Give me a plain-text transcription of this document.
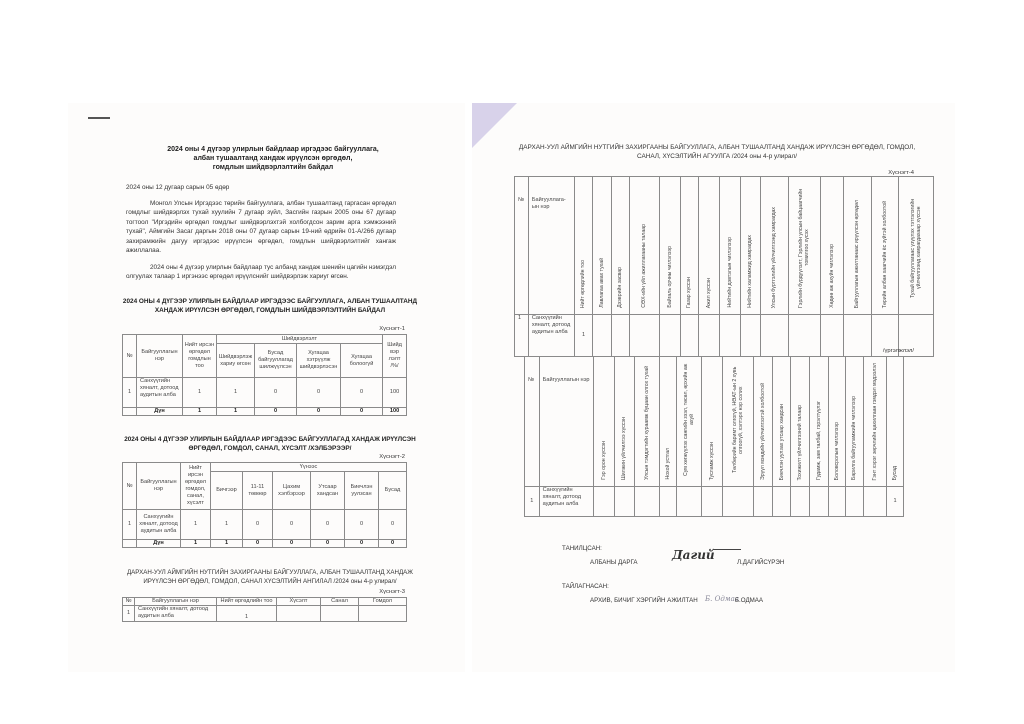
2024 оны 4 дүгээр улирлын байдлаар иргэдээс байгууллага,
албан тушаалтанд хандаж ирүүлсэн өргөдөл,
гомдлын шийдвэрлэлтийн байдал
2024 оны 12 дугаар сарын 05 өдөр
Монгол Улсын Иргэдээс төрийн байгууллага, албан тушаалтанд гаргасан өргөдөл гомдлыг шийдвэрлэх тухай хуулийн 7 дугаар зүйл, Засгийн газрын 2005 оны 67 дугаар тогтоол "Иргэдийн өргөдөл гомдлыг шийдвэрлэхтэй холбогдсон зарим арга хэмжээний тухай", Аймгийн Засаг даргын 2018 оны 07 дугаар сарын 19-ний өдрийн 01-А/266 дугаар захирамжийн дагуу иргэдээс ирүүлсэн өргөдөл, гомдлын шийдвэрлэлтийг хангаж ажиллалаа.
2024 оны 4 дүгээр улирлын байдлаар тус албанд хандаж шенийн цагийн нэмэгдэл олгуулах талаар 1 иргэнээс өргөдөл ирүүлснийг шийдвэрлэж хариуг өгсөн.
2024 ОНЫ 4 ДҮГЭЭР УЛИРЛЫН БАЙДЛААР ИРГЭДЭЭС БАЙГУУЛЛАГА, АЛБАН ТУШААЛТАНД ХАНДАЖ ИРҮҮЛСЭН ӨРГӨДӨЛ, ГОМДЛЫН ШИЙДВЭРЛЭЛТИЙН БАЙДАЛ
Хүснэгт-1
№	Байгууллагын нэр	Нийт ирсэн өргөдөл гомдлын тоо	Шийдвэрлэлт				Шийд вэр лэлт /%/
			Шийдвэрлэж хариу өгсөн	Бусад байгууллагад шилжүүлсэн	Хугацаа хэтрүүлж шийдвэрлэсэн	Хугацаа болоогүй	
1	Санхүүгийн хяналт, дотоод аудитын алба	1	1	0	0	0	100
	Дүн	1	1	0	0	0	100
2024 ОНЫ 4 ДҮГЭЭР УЛИРЛЫН БАЙДЛААР ИРГЭДЭЭС БАЙГУУЛЛАГАД ХАНДАЖ ИРҮҮЛСЭН ӨРГӨДӨЛ, ГОМДОЛ, САНАЛ, ХҮСЭЛТ /ХЭЛБЭРЭЭР/
Хүснэгт-2
№	Байгууллагын нэр	Нийт ирсэн өргөдөл гомдол, санал, хүсэлт	Үүнээс					
			Бичгээр	11-11 төвөөр	Цахим хэлбэрээр	Утсаар хандсан	Биечлэн уулзсан	Бусад
1	Санхүүгийн хяналт, дотоод аудитын алба	1	1	0	0	0	0	0
	Дүн	1	1	0	0	0	0	0
ДАРХАН-УУЛ АЙМГИЙН НУТГИЙН ЗАХИРГААНЫ БАЙГУУЛЛАГА, АЛБАН ТУШААЛТАНД ХАНДАЖ ИРҮҮЛСЭН ӨРГӨДӨЛ, ГОМДОЛ, САНАЛ ХҮСЭЛТИЙН АНГИЛАЛ /2024 оны 4-р улирал/
Хүснэгт-3
№	Байгууллагын нэр	Нийт өргөдлийн тоо	Хүсэлт	Санал	Гомдол
1	Санхүүгийн хяналт, дотоод аудитын алба	1			
ДАРХАН-УУЛ АЙМГИЙН НУТГИЙН ЗАХИРГААНЫ БАЙГУУЛЛАГА, АЛБАН ТУШААЛТАНД ХАНДАЖ ИРҮҮЛСЭН ӨРГӨДӨЛ, ГОМДОЛ, САНАЛ, ХҮСЭЛТИЙН АГУУЛГА /2024 оны 4-р улирал/
Хүснэгт-4
№	Байгууллага-ын нэр	Нийт өргөдлийн тоо	Лавлагаа авах тухай	Дээврийн засвар	СӨХ-ийн үйл ажиллагааны талаар	Байгаль орчны чиглэлээр	Газар хүссэн	Ажил хүссэн	Нийтийн дэвтэлын чиглэлээр	Нийтийн халамжид хамрагдах	Улсын бүртгэлийн үйлчилгээнд хамрагдах	Гэрлийн бүрдүүлэлт, Гэрлийн улсын байцаагчийн томилгоо хүсэх	Хөдөө аж ахуйн чиглэлээр	Байгууллагын ажилтанаас ирүүлсэн өргөдөл	Төрийн албан хаагчийн ёс зүйтэй холбоотой	Тухай байгууллагаас үзүүлэх тэтгэлэгийн үйлчилгээнд хамрагдахаар хүссэн
1	Санхүүгийн хяналт, дотоод аудитын алба	1														
/үргэлжлэл/
№	Байгууллагын нэр	Гэр орон хүссэн	Шилжин үйлчилгээ хүссэн	Улсын тэмдэгтийн хураамж буцаан олгох тухай	Нохой устгал	Сум хөгжүүлэх сангийн зээл, төсөл, өрхийн аж ахуй	Тусламж хүссэн	Төлбөрийн баримт олгогүй, НӨАТ-ын 2 хувь олгоогүй, хэлтэрх нэр солих	Эрүүл мэндийн үйлчилгээтэй холбоотой	Биечлэн уулзах утсаар хандсан	Тохижилт үйлчилгээний талаар	Гудамж, зам талбай, гэрэлтүүлэг	Боловсролын чиглэлээр	Барилга байгууламжийн чиглэлээр	Гэнт хэрэг зөрчлийн цахилгаан гэмдэл мэдээлэл	Бусад
1	Санхүүгийн хяналт, дотоод аудитын алба															1
ТАНИЛЦСАН:
АЛБАНЫ ДАРГА
Дагий
Л.ДАГИЙСҮРЭН
ТАЙЛАГНАСАН:
АРХИВ, БИЧИГ ХЭРГИЙН АЖИЛТАН Б. Одмаа
Б.ОДМАА
